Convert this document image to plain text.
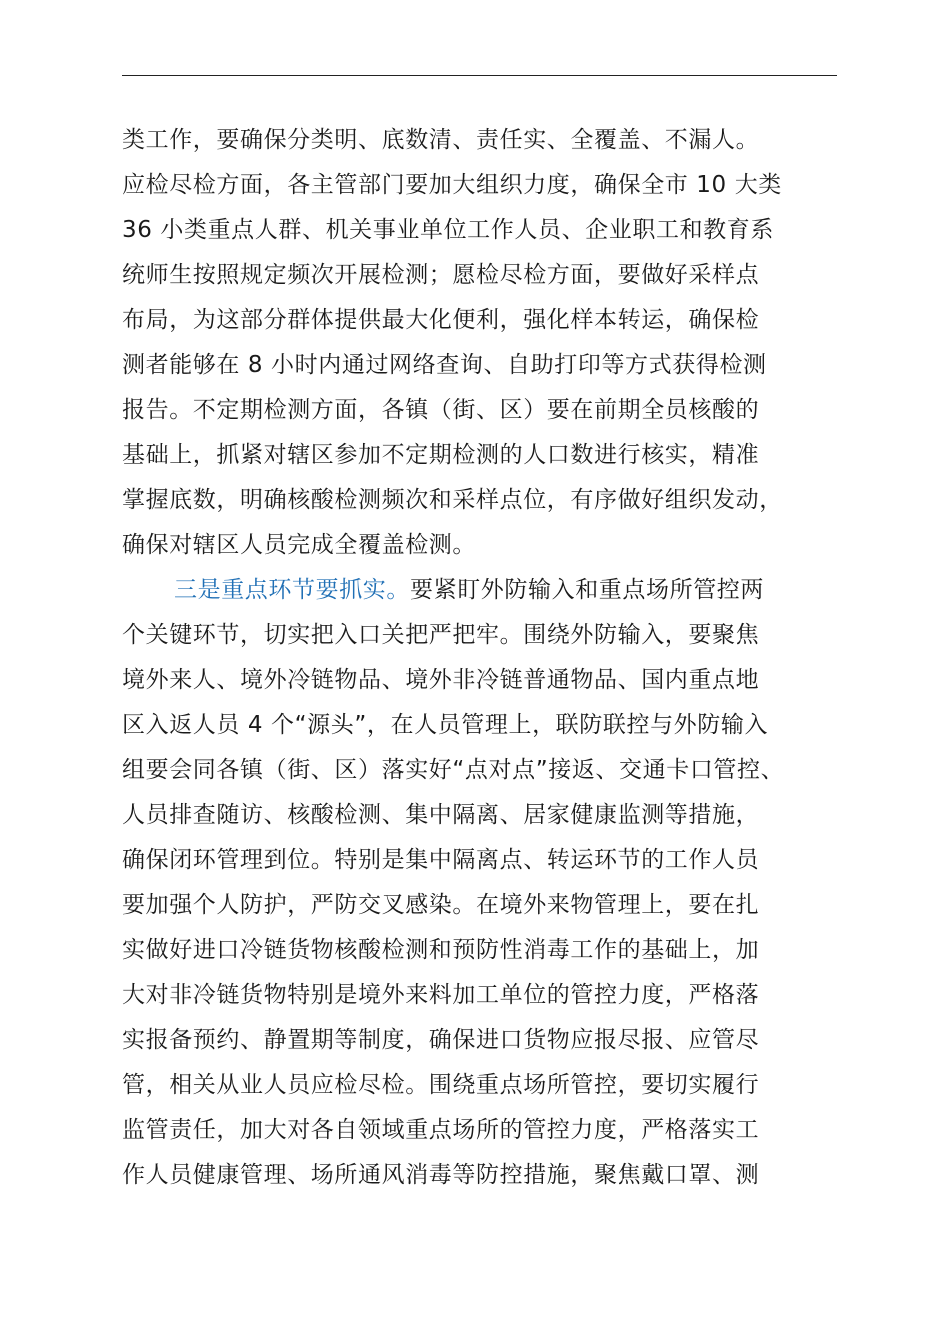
类工作，要确保分类明、底数清、责任实、全覆盖、不漏人。
应检尽检方面，各主管部门要加大组织力度，确保全市 10 大类
36 小类重点人群、机关事业单位工作人员、企业职工和教育系
统师生按照规定频次开展检测；愿检尽检方面，要做好采样点
布局，为这部分群体提供最大化便利，强化样本转运，确保检
测者能够在 8 小时内通过网络查询、自助打印等方式获得检测
报告。不定期检测方面，各镇（街、区）要在前期全员核酸的
基础上，抓紧对辖区参加不定期检测的人口数进行核实，精准
掌握底数，明确核酸检测频次和采样点位，有序做好组织发动，
确保对辖区人员完成全覆盖检测。
三是重点环节要抓实。要紧盯外防输入和重点场所管控两
个关键环节，切实把入口关把严把牢。围绕外防输入，要聚焦
境外来人、境外冷链物品、境外非冷链普通物品、国内重点地
区入返人员 4 个“源头”，在人员管理上，联防联控与外防输入
组要会同各镇（街、区）落实好“点对点”接返、交通卡口管控、
人员排查随访、核酸检测、集中隔离、居家健康监测等措施，
确保闭环管理到位。特别是集中隔离点、转运环节的工作人员
要加强个人防护，严防交叉感染。在境外来物管理上，要在扎
实做好进口冷链货物核酸检测和预防性消毒工作的基础上，加
大对非冷链货物特别是境外来料加工单位的管控力度，严格落
实报备预约、静置期等制度，确保进口货物应报尽报、应管尽
管，相关从业人员应检尽检。围绕重点场所管控，要切实履行
监管责任，加大对各自领域重点场所的管控力度，严格落实工
作人员健康管理、场所通风消毒等防控措施，聚焦戴口罩、测
